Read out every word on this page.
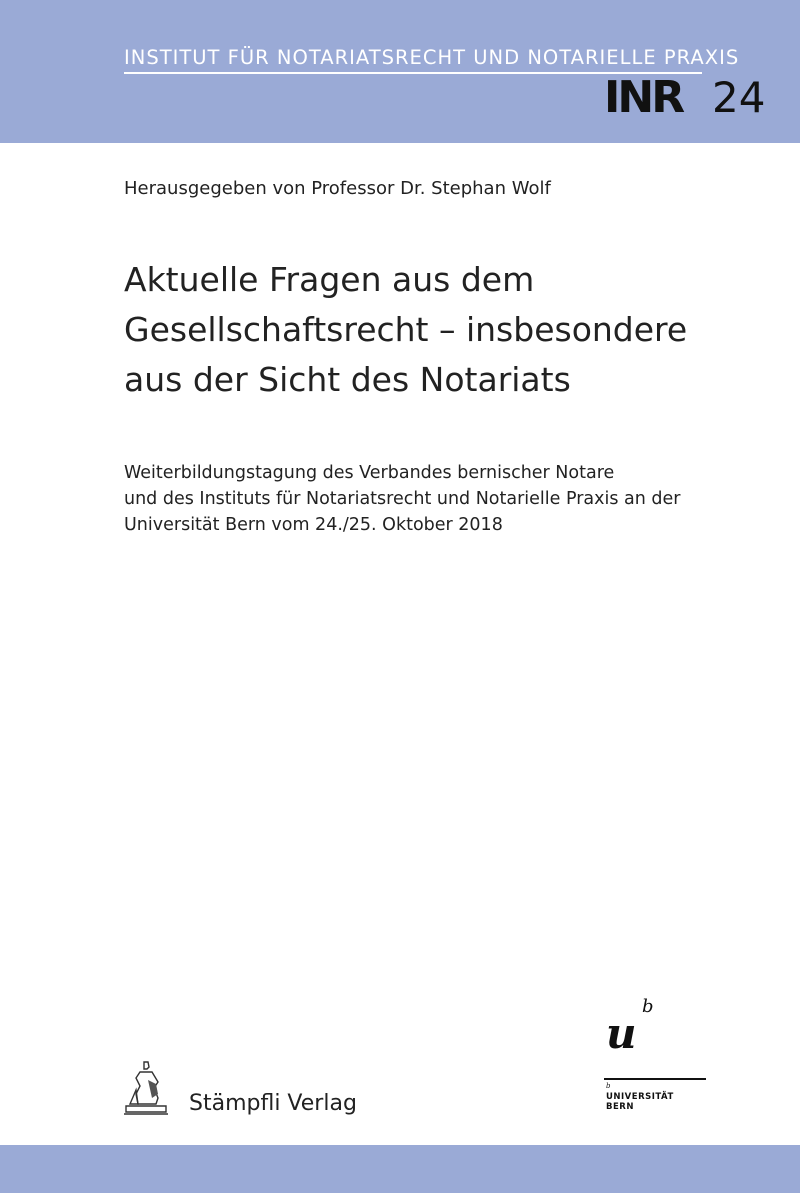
INSTITUT FÜR NOTARIATSRECHT UND NOTARIELLE PRAXIS
INR 24
Herausgegeben von Professor Dr. Stephan Wolf
Aktuelle Fragen aus dem
Gesellschaftsrecht – insbesondere
aus der Sicht des Notariats
Weiterbildungstagung des Verbandes bernischer Notare
und des Instituts für Notariatsrecht und Notarielle Praxis an der
Universität Bern vom 24./25. Oktober 2018
Stämpfli Verlag
u
b
b
UNIVERSITÄT
BERN
